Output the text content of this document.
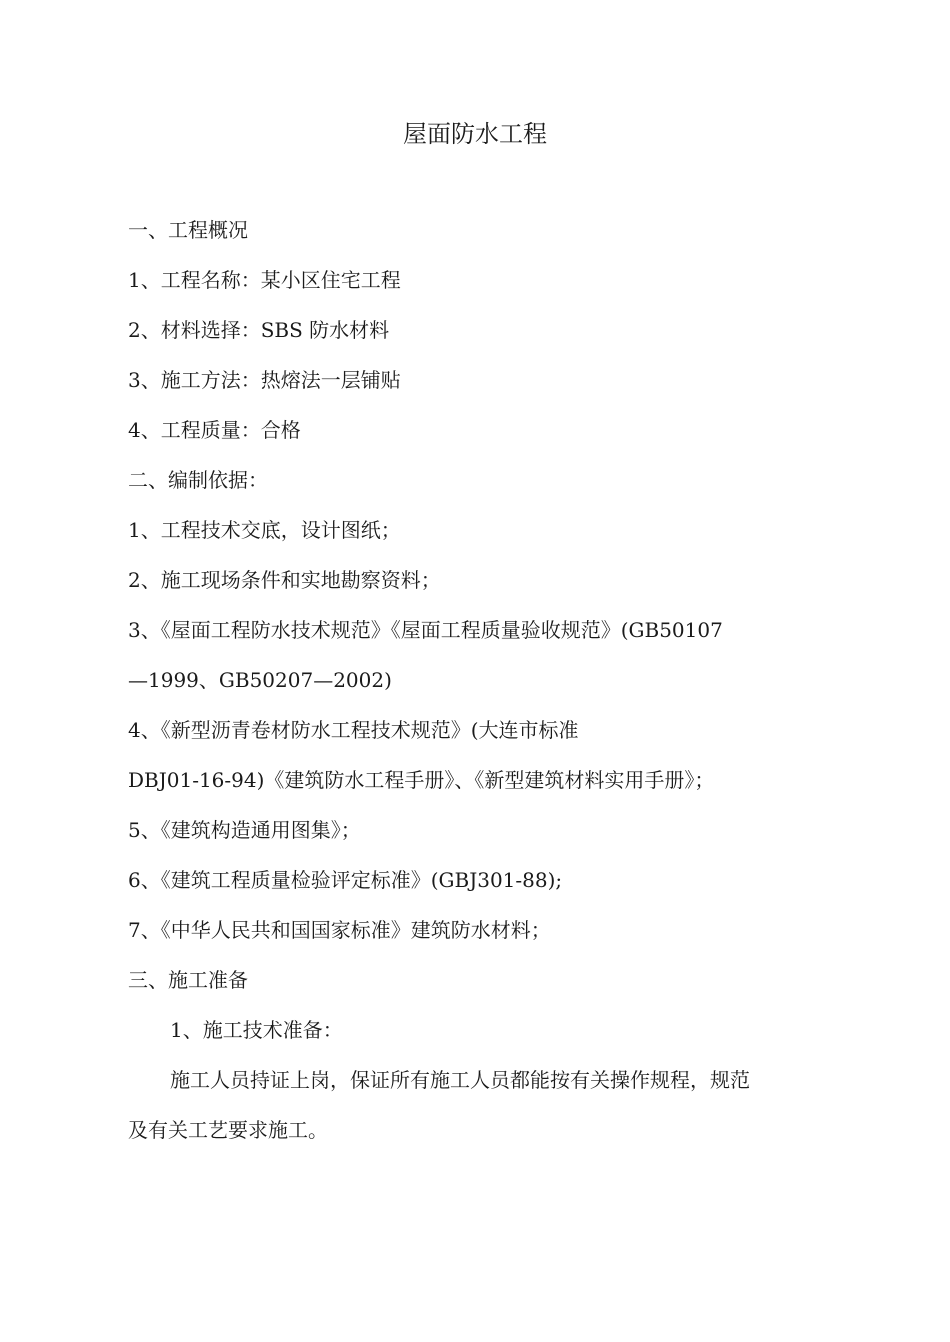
屋面防水工程
一、工程概况
1、工程名称：某小区住宅工程
2、材料选择：SBS 防水材料
3、施工方法：热熔法一层铺贴
4、工程质量：合格
二、编制依据：
1、工程技术交底，设计图纸；
2、施工现场条件和实地勘察资料；
3、《屋面工程防水技术规范》《屋面工程质量验收规范》(GB50107
—1999、GB50207—2002)
4、《新型沥青卷材防水工程技术规范》(大连市标准
DBJ01-16-94)《建筑防水工程手册》、《新型建筑材料实用手册》；
5、《建筑构造通用图集》；
6、《建筑工程质量检验评定标准》(GBJ301-88);
7、《中华人民共和国国家标准》建筑防水材料；
三、施工准备
1、施工技术准备：
施工人员持证上岗，保证所有施工人员都能按有关操作规程，规范
及有关工艺要求施工。
